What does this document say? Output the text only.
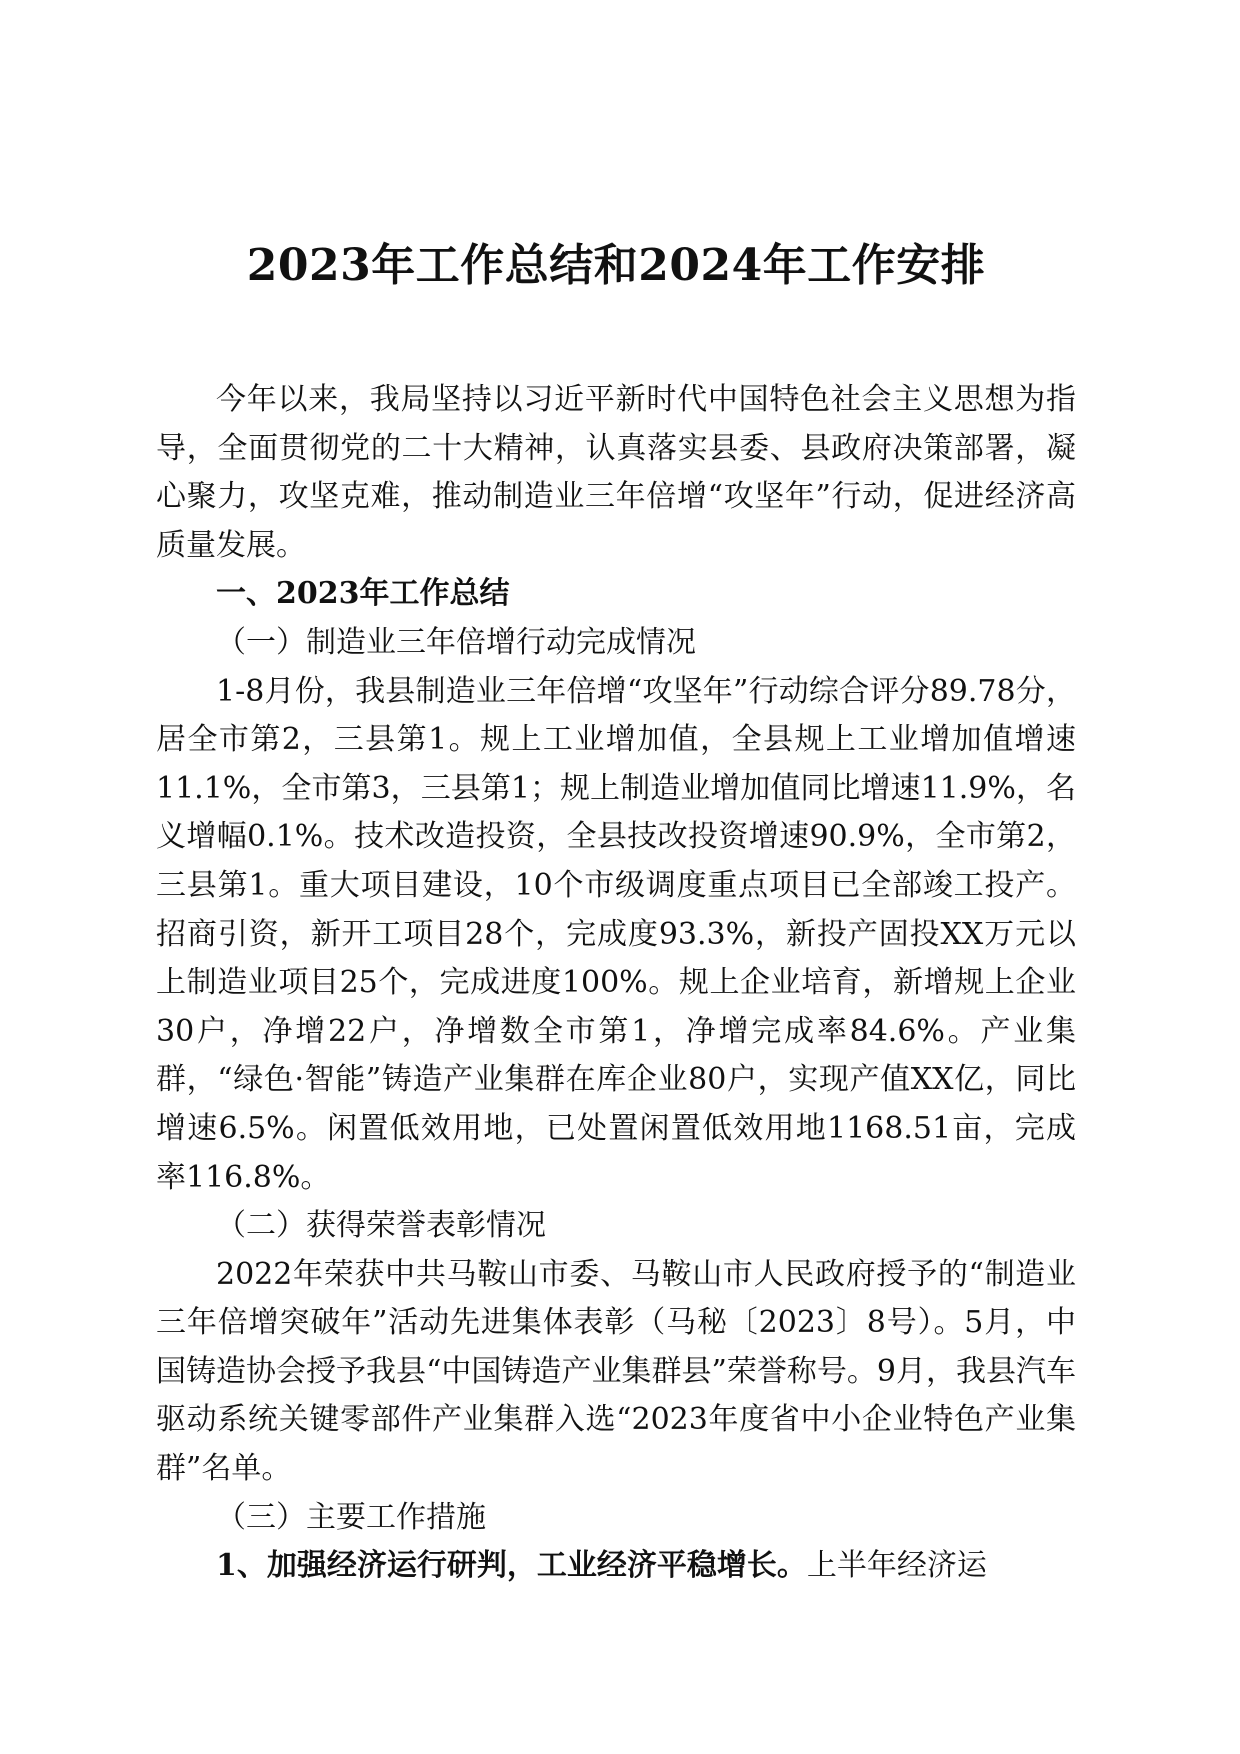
2023年工作总结和2024年工作安排

今年以来，我局坚持以习近平新时代中国特色社会主义思想为指导，全面贯彻党的二十大精神，认真落实县委、县政府决策部署，凝心聚力，攻坚克难，推动制造业三年倍增“攻坚年”行动，促进经济高质量发展。

一、2023年工作总结

（一）制造业三年倍增行动完成情况

1-8月份，我县制造业三年倍增“攻坚年”行动综合评分89.78分，居全市第2，三县第1。规上工业增加值，全县规上工业增加值增速11.1%，全市第3，三县第1；规上制造业增加值同比增速11.9%，名义增幅0.1%。技术改造投资，全县技改投资增速90.9%，全市第2，三县第1。重大项目建设，10个市级调度重点项目已全部竣工投产。招商引资，新开工项目28个，完成度93.3%，新投产固投XX万元以上制造业项目25个，完成进度100%。规上企业培育，新增规上企业30户，净增22户，净增数全市第1，净增完成率84.6%。产业集群，“绿色·智能”铸造产业集群在库企业80户，实现产值XX亿，同比增速6.5%。闲置低效用地，已处置闲置低效用地1168.51亩，完成率116.8%。

（二）获得荣誉表彰情况

2022年荣获中共马鞍山市委、马鞍山市人民政府授予的“制造业三年倍增突破年”活动先进集体表彰（马秘〔2023〕8号）。5月，中国铸造协会授予我县“中国铸造产业集群县”荣誉称号。9月，我县汽车驱动系统关键零部件产业集群入选“2023年度省中小企业特色产业集群”名单。

（三）主要工作措施

1、加强经济运行研判，工业经济平稳增长。上半年经济运
